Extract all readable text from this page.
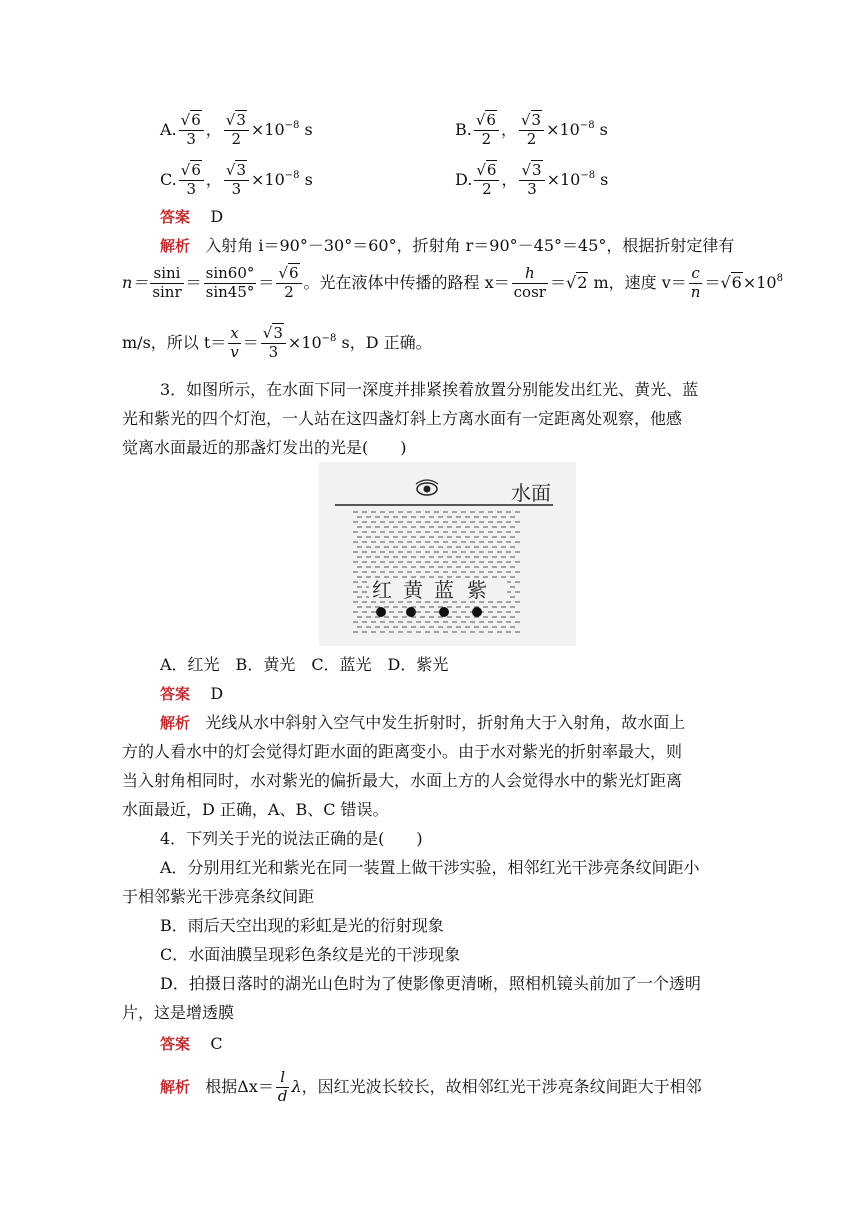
A. $\frac{√6}{3}$ ， $\frac{√3}{2} \times 10^{-8}$ s	B. $\frac{√6}{2}$ ， $\frac{√3}{2} \times 10^{-8}$ s
C. $\frac{√6}{3}$ ， $\frac{√3}{3} \times 10^{-8}$ s	D. $\frac{√6}{2}$ ， $\frac{√3}{3} \times 10^{-8}$ s
答案 D
解析 入射角 i＝90°－30°＝60°，折射角 r＝90°－45°＝45°，根据折射定律有
$n= \frac{\sin i}{\sin r} = \frac{\sin 60^\circ}{\sin 45^\circ} = \frac{√6}{2}$ 。光在液体中传播的路程 $x= \frac{h}{\cos r} =√2$ m，速度 $v= \frac{c}{n} =√6\times 10^8$
m/s，所以 $t= \frac{x}{v} = \frac{√3}{3} \times 10^{-8}$ s，D 正确。
3．如图所示，在水面下同一深度并排紧挨着放置分别能发出红光、黄光、蓝
光和紫光的四个灯泡，一人站在这四盏灯斜上方离水面有一定距离处观察，他感
觉离水面最近的那盏灯发出的光是(　　)
水面
红 黄 蓝 紫
A．红光　B．黄光　C．蓝光　D．紫光
答案 D
解析 光线从水中斜射入空气中发生折射时，折射角大于入射角，故水面上
方的人看水中的灯会觉得灯距水面的距离变小。由于水对紫光的折射率最大，则
当入射角相同时，水对紫光的偏折最大，水面上方的人会觉得水中的紫光灯距离
水面最近，D 正确，A、B、C 错误。
4．下列关于光的说法正确的是(　　)
A．分别用红光和紫光在同一装置上做干涉实验，相邻红光干涉亮条纹间距小
于相邻紫光干涉亮条纹间距
B．雨后天空出现的彩虹是光的衍射现象
C．水面油膜呈现彩色条纹是光的干涉现象
D．拍摄日落时的湖光山色时为了使影像更清晰，照相机镜头前加了一个透明
片，这是增透膜
答案 C
解析 根据$\Delta x= \frac{l}{d}$ λ，因红光波长较长，故相邻红光干涉亮条纹间距大于相邻
